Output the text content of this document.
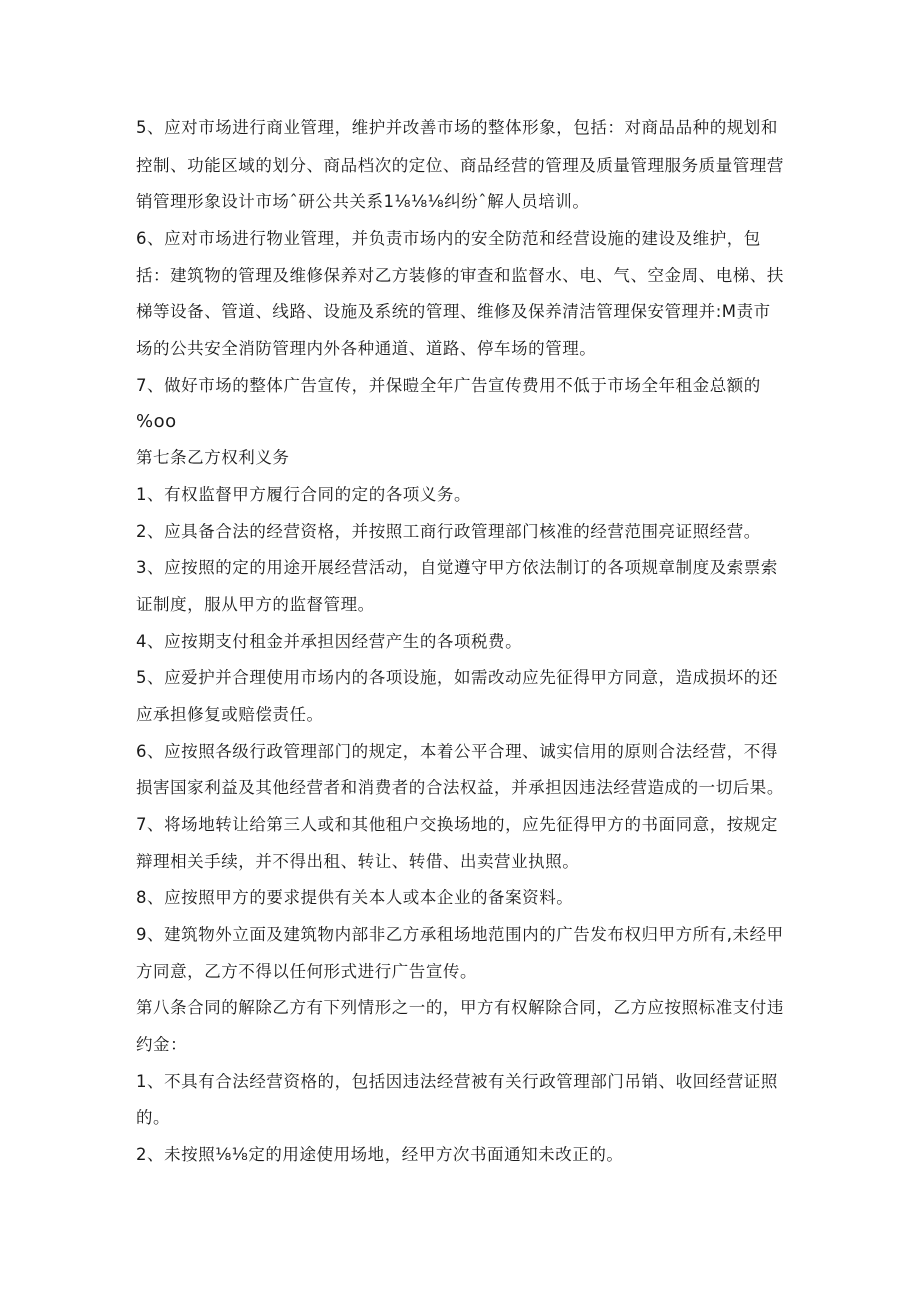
5、应对市场进行商业管理，维护并改善市场的整体形象，包括：对商品品种的规划和
控制、功能区域的划分、商品档次的定位、商品经营的管理及质量管理服务质量管理营
销管理形象设计市场ˆ研公共关系1⅛⅛⅛纠纷ˆ解人员培训。
6、应对市场进行物业管理，并负责市场内的安全防范和经营设施的建设及维护，包
括：建筑物的管理及维修保养对乙方装修的审查和监督水、电、气、空金周、电梯、扶
梯等设备、管道、线路、设施及系统的管理、维修及保养清洁管理保安管理并:M责市
场的公共安全消防管理内外各种通道、道路、停车场的管理。
7、做好市场的整体广告宣传，并保暟全年广告宣传费用不低于市场全年租金总额的
%oo
第七条乙方权利义务
1、有权监督甲方履行合同的定的各项义务。
2、应具备合法的经营资格，并按照工商行政管理部门核准的经营范围亮证照经营。
3、应按照的定的用途开展经营活动，自觉遵守甲方依法制订的各项规章制度及索票索
证制度，服从甲方的监督管理。
4、应按期支付租金并承担因经营产生的各项税费。
5、应爱护并合理使用市场内的各项设施，如需改动应先征得甲方同意，造成损坏的还
应承担修复或赔偿责任。
6、应按照各级行政管理部门的规定，本着公平合理、诚实信用的原则合法经营，不得
损害国家利益及其他经营者和消费者的合法权益，并承担因违法经营造成的一切后果。
7、将场地转让给第三人或和其他租户交换场地的，应先征得甲方的书面同意，按规定
辩理相关手续，并不得出租、转让、转借、出卖营业执照。
8、应按照甲方的要求提供有关本人或本企业的备案资料。
9、建筑物外立面及建筑物内部非乙方承租场地范围内的广告发布权归甲方所有,未经甲
方同意，乙方不得以任何形式进行广告宣传。
第八条合同的解除乙方有下列情形之一的，甲方有权解除合同，乙方应按照标准支付违
约金：
1、不具有合法经营资格的，包括因违法经营被有关行政管理部门吊销、收回经营证照
的。
2、未按照⅛⅛定的用途使用场地，经甲方次书面通知未改正的。
